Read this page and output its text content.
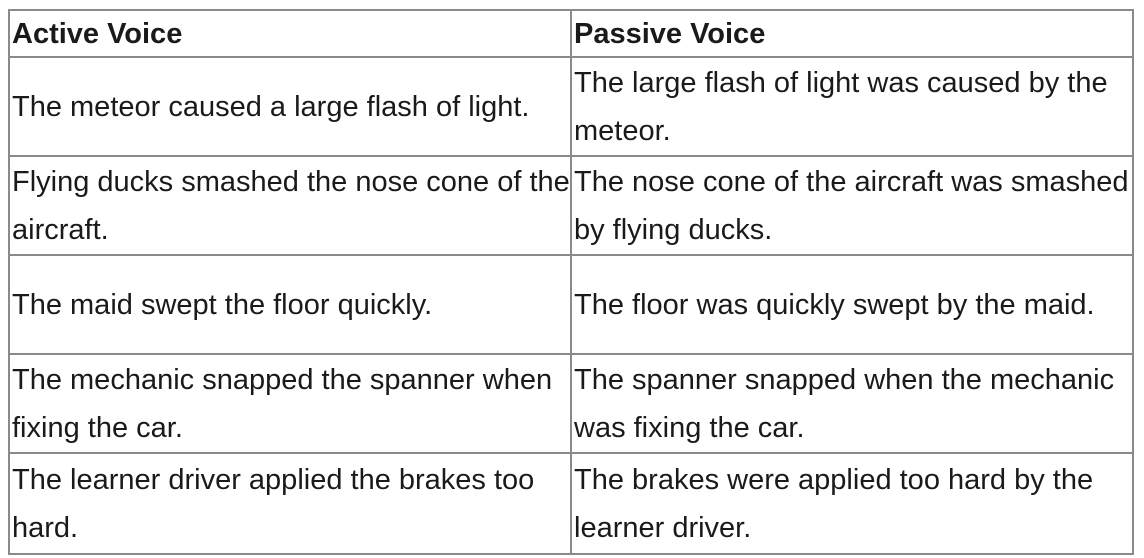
Active Voice	Passive Voice
The meteor caused a large flash of light.
The large flash of light was caused by the meteor.
Flying ducks smashed the nose cone of the aircraft.
The nose cone of the aircraft was smashed by flying ducks.
The maid swept the floor quickly.	The floor was quickly swept by the maid.
The mechanic snapped the spanner when fixing the car.
The spanner snapped when the mechanic was fixing the car.
The learner driver applied the brakes too hard.
The brakes were applied too hard by the learner driver.
